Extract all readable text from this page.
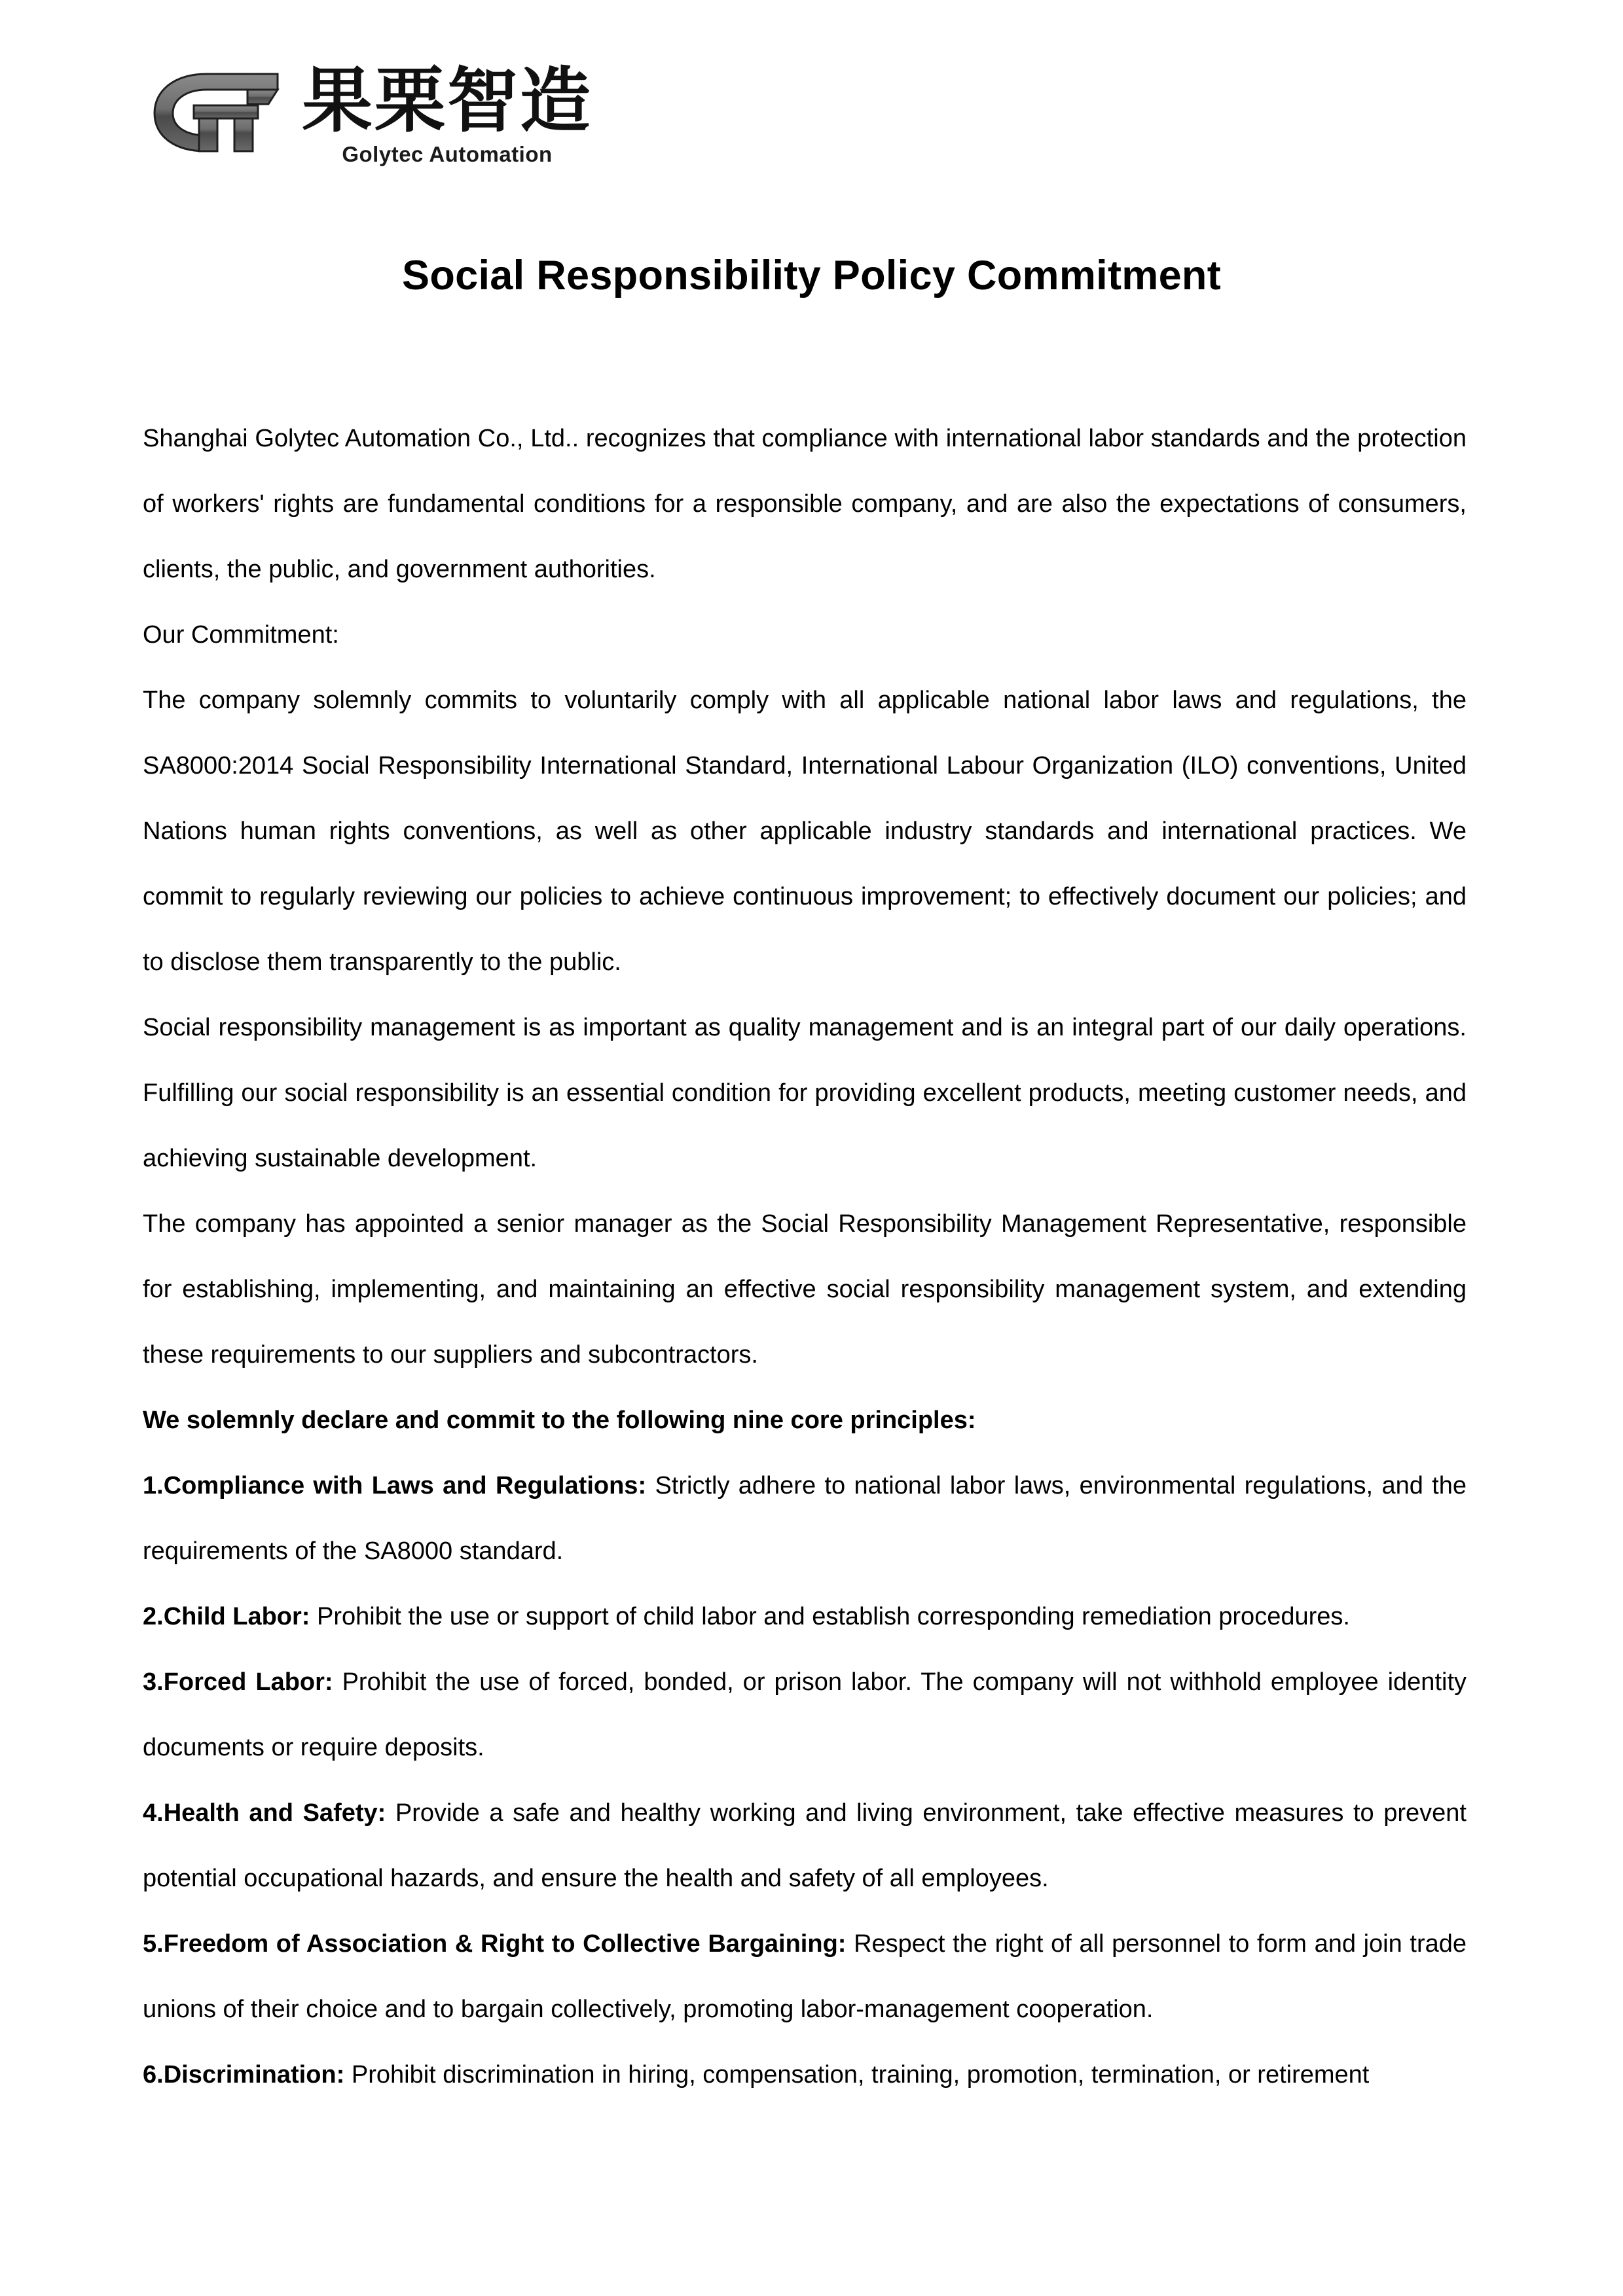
果栗智造
Golytec Automation
Social Responsibility Policy Commitment

Shanghai Golytec Automation Co., Ltd.. recognizes that compliance with international labor standards and the protection of workers' rights are fundamental conditions for a responsible company, and are also the expectations of consumers, clients, the public, and government authorities.

Our Commitment:

The company solemnly commits to voluntarily comply with all applicable national labor laws and regulations, the SA8000:2014 Social Responsibility International Standard, International Labour Organization (ILO) conventions, United Nations human rights conventions, as well as other applicable industry standards and international practices. We commit to regularly reviewing our policies to achieve continuous improvement; to effectively document our policies; and to disclose them transparently to the public.

Social responsibility management is as important as quality management and is an integral part of our daily operations. Fulfilling our social responsibility is an essential condition for providing excellent products, meeting customer needs, and achieving sustainable development.

The company has appointed a senior manager as the Social Responsibility Management Representative, responsible for establishing, implementing, and maintaining an effective social responsibility management system, and extending these requirements to our suppliers and subcontractors.

We solemnly declare and commit to the following nine core principles:

1.Compliance with Laws and Regulations: Strictly adhere to national labor laws, environmental regulations, and the requirements of the SA8000 standard.

2.Child Labor: Prohibit the use or support of child labor and establish corresponding remediation procedures.

3.Forced Labor: Prohibit the use of forced, bonded, or prison labor. The company will not withhold employee identity documents or require deposits.

4.Health and Safety: Provide a safe and healthy working and living environment, take effective measures to prevent potential occupational hazards, and ensure the health and safety of all employees.

5.Freedom of Association & Right to Collective Bargaining: Respect the right of all personnel to form and join trade unions of their choice and to bargain collectively, promoting labor-management cooperation.

6.Discrimination: Prohibit discrimination in hiring, compensation, training, promotion, termination, or retirement
